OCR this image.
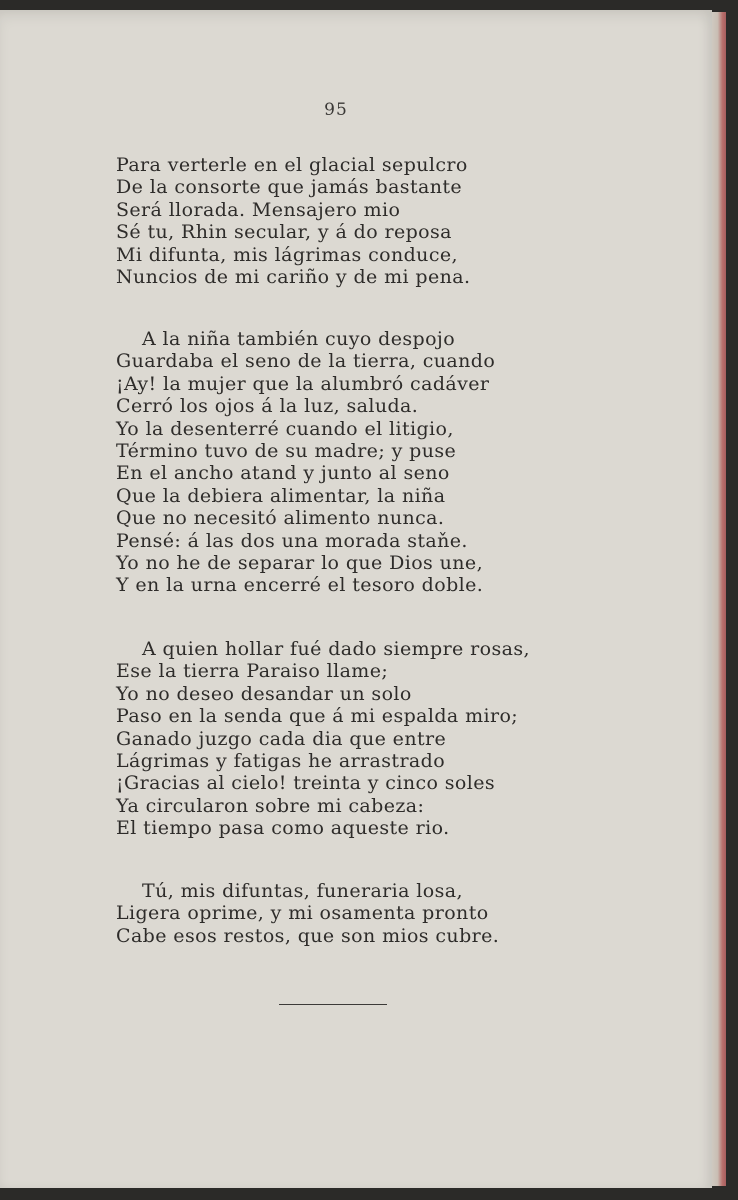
95
Para verterle en el glacial sepulcro
De la consorte que jamás bastante
Será llorada. Mensajero mio
Sé tu, Rhin secular, y á do reposa
Mi difunta, mis lágrimas conduce,
Nuncios de mi cariño y de mi pena.
A la niña también cuyo despojo
Guardaba el seno de la tierra, cuando
¡Ay! la mujer que la alumbró cadáver
Cerró los ojos á la luz, saluda.
Yo la desenterré cuando el litigio,
Término tuvo de su madre; y puse
En el ancho atand y junto al seno
Que la debiera alimentar, la niña
Que no necesitó alimento nunca.
Pensé: á las dos una morada staňe.
Yo no he de separar lo que Dios une,
Y en la urna encerré el tesoro doble.
A quien hollar fué dado siempre rosas,
Ese la tierra Paraiso llame;
Yo no deseo desandar un solo
Paso en la senda que á mi espalda miro;
Ganado juzgo cada dia que entre
Lágrimas y fatigas he arrastrado
¡Gracias al cielo! treinta y cinco soles
Ya circularon sobre mi cabeza:
El tiempo pasa como aqueste rio.
Tú, mis difuntas, funeraria losa,
Ligera oprime, y mi osamenta pronto
Cabe esos restos, que son mios cubre.
